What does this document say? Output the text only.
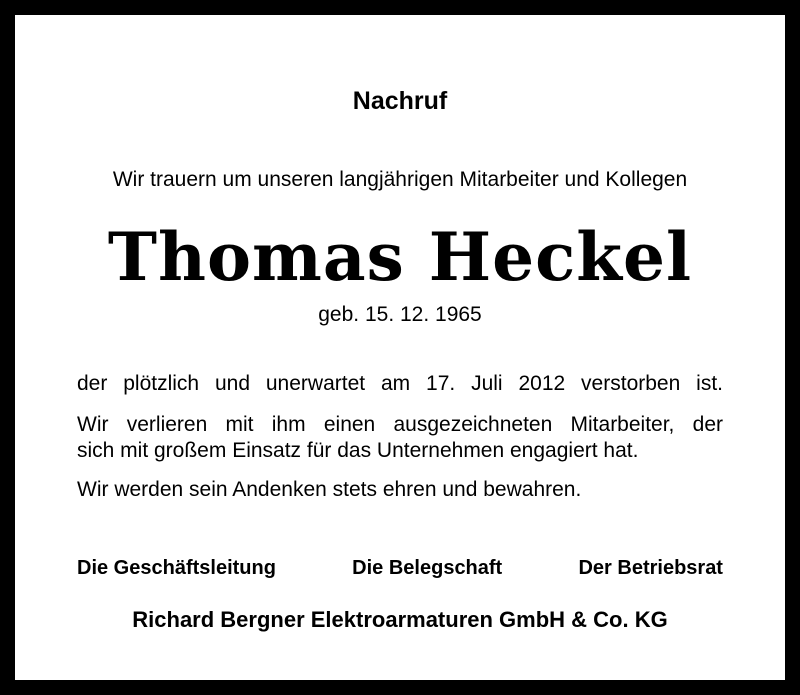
Nachruf
Wir trauern um unseren langjährigen Mitarbeiter und Kollegen
Thomas Heckel
geb. 15. 12. 1965
der plötzlich und unerwartet am 17. Juli 2012 verstorben ist.
Wir verlieren mit ihm einen ausgezeichneten Mitarbeiter, der
sich mit großem Einsatz für das Unternehmen engagiert hat.
Wir werden sein Andenken stets ehren und bewahren.
Die Geschäftsleitung	Die Belegschaft	Der Betriebsrat
Richard Bergner Elektroarmaturen GmbH & Co. KG
